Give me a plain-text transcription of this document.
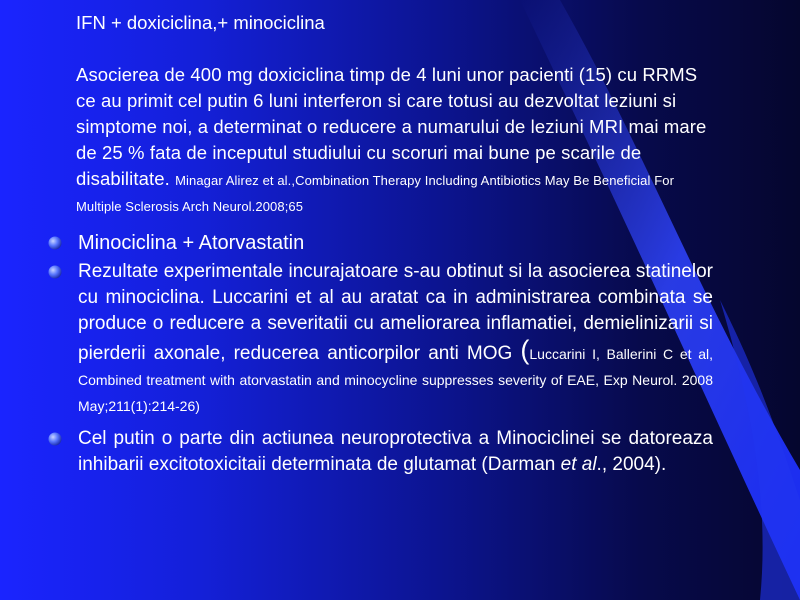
IFN + doxiciclina,+ minociclina
Asocierea de 400 mg doxiciclina timp de 4 luni unor pacienti (15) cu RRMS ce au primit cel putin 6 luni interferon si care totusi au dezvoltat leziuni si simptome noi, a determinat o reducere a numarului de leziuni MRI mai mare de 25 % fata de inceputul studiului cu scoruri mai bune pe scarile de disabilitate. Minagar Alirez et al.,Combination Therapy Including Antibiotics May Be Beneficial For Multiple Sclerosis Arch Neurol.2008;65
Minociclina + Atorvastatin
Rezultate experimentale incurajatoare s-au obtinut si la asocierea statinelor cu minociclina. Luccarini et al au aratat ca in administrarea combinata se produce o reducere a severitatii cu ameliorarea inflamatiei, demielinizarii si pierderii axonale, reducerea anticorpilor anti MOG (Luccarini I, Ballerini C et al, Combined treatment with atorvastatin and minocycline suppresses severity of EAE, Exp Neurol. 2008 May;211(1):214-26)
Cel putin o parte din actiunea neuroprotectiva a Minociclinei se datoreaza inhibarii excitotoxicitaii determinata de glutamat (Darman et al., 2004).
